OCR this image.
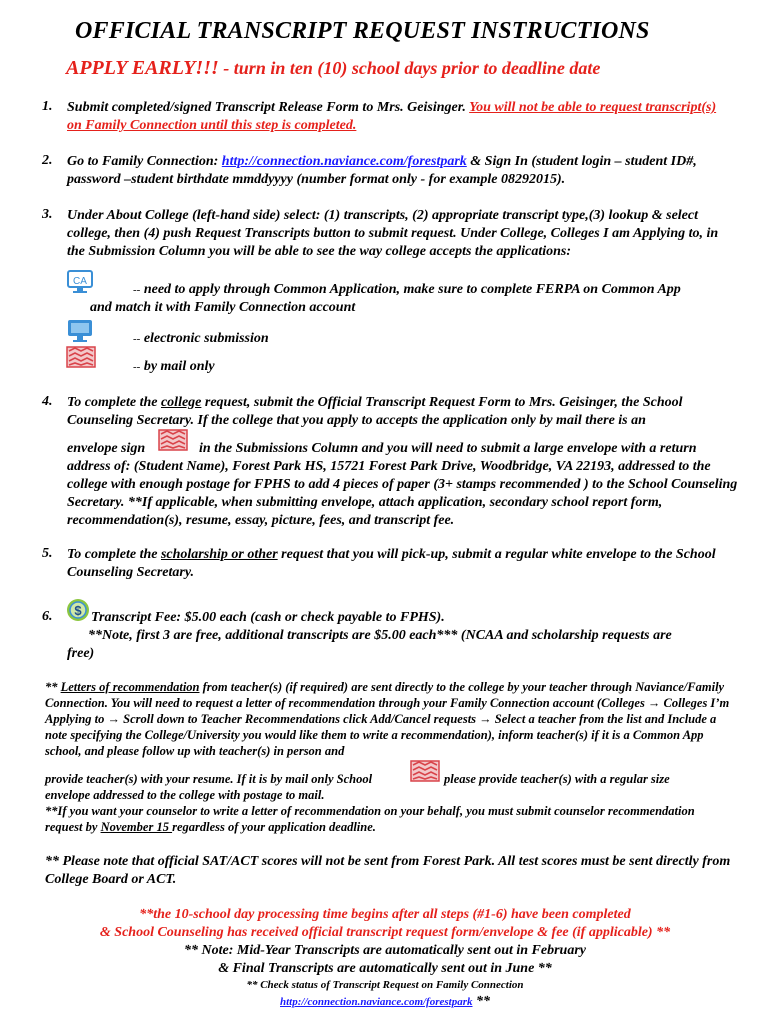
OFFICIAL TRANSCRIPT REQUEST INSTRUCTIONS
APPLY EARLY!!! - turn in ten (10) school days prior to deadline date
1. Submit completed/signed Transcript Release Form to Mrs. Geisinger. You will not be able to request transcript(s) on Family Connection until this step is completed.
2. Go to Family Connection: http://connection.naviance.com/forestpark & Sign In (student login – student ID#, password –student birthdate mmddyyyy (number format only - for example 08292015).
3. Under About College (left-hand side) select: (1) transcripts, (2) appropriate transcript type,(3) lookup & select college, then (4) push Request Transcripts button to submit request. Under College, Colleges I am Applying to, in the Submission Column you will be able to see the way college accepts the applications:
CA
-- need to apply through Common Application, make sure to complete FERPA on Common App
and match it with Family Connection account
-- electronic submission
-- by mail only
4. To complete the college request, submit the Official Transcript Request Form to Mrs. Geisinger, the School
Counseling Secretary. If the college that you apply to accepts the application only by mail there is an
envelope sign	in the Submissions Column and you will need to submit a large envelope with a return
address of: (Student Name), Forest Park HS, 15721 Forest Park Drive, Woodbridge, VA 22193, addressed to the college with enough postage for FPHS to add 4 pieces of paper (3+ stamps recommended ) to the School Counseling Secretary. **If applicable, when submitting envelope, attach application, secondary school report form, recommendation(s), resume, essay, picture, fees, and transcript fee.
5. To complete the scholarship or other request that you will pick-up, submit a regular white envelope to the School Counseling Secretary.
6. $ Transcript Fee: $5.00 each (cash or check payable to FPHS).
**Note, first 3 are free, additional transcripts are $5.00 each*** (NCAA and scholarship requests are
free)
** Letters of recommendation from teacher(s) (if required) are sent directly to the college by your teacher through Naviance/Family Connection. You will need to request a letter of recommendation through your Family Connection account (Colleges → Colleges I’m Applying to → Scroll down to Teacher Recommendations click Add/Cancel requests → Select a teacher from the list and Include a note specifying the College/University you would like them to write a recommendation), inform teacher(s) if it is a Common App school, and please follow up with teacher(s) in person and
provide teacher(s) with your resume. If it is by mail only School	please provide teacher(s) with a regular size
envelope addressed to the college with postage to mail.
**If you want your counselor to write a letter of recommendation on your behalf, you must submit counselor recommendation request by November 15 regardless of your application deadline.
** Please note that official SAT/ACT scores will not be sent from Forest Park. All test scores must be sent directly from College Board or ACT.
**the 10-school day processing time begins after all steps (#1-6) have been completed
& School Counseling has received official transcript request form/envelope & fee (if applicable) **
** Note: Mid-Year Transcripts are automatically sent out in February
& Final Transcripts are automatically sent out in June **
** Check status of Transcript Request on Family Connection
http://connection.naviance.com/forestpark **
